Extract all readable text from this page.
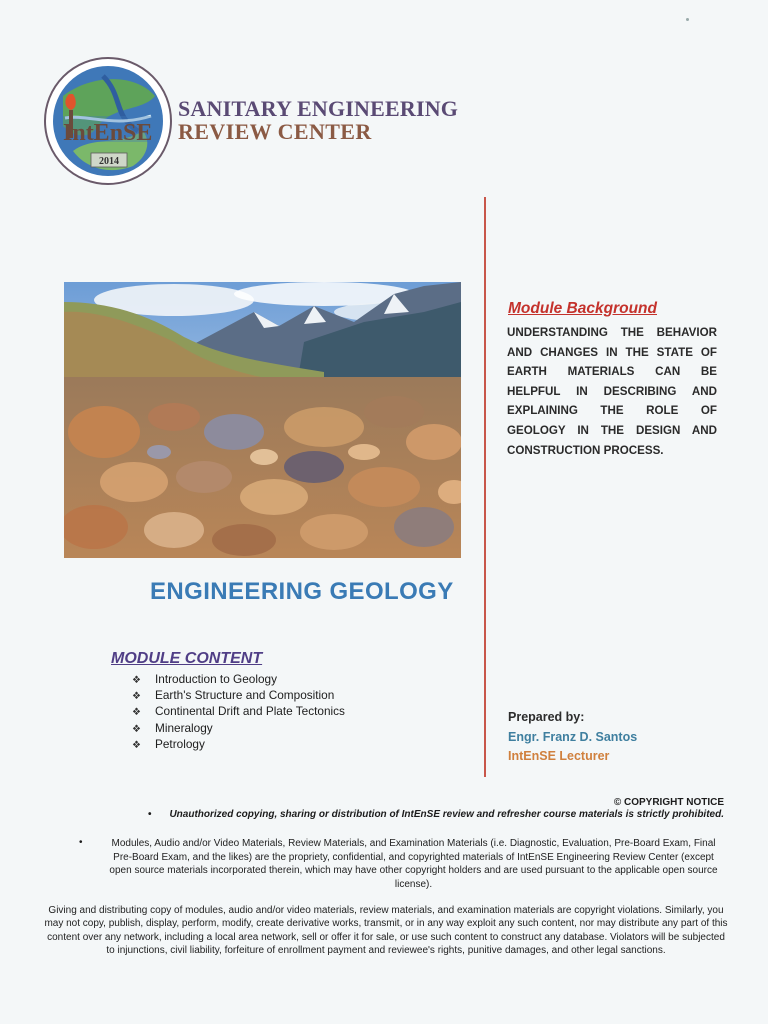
IntEnSE
2014
SANITARY ENGINEERING
REVIEW CENTER
Module Background
UNDERSTANDING THE BEHAVIOR AND CHANGES IN THE STATE OF EARTH MATERIALS CAN BE HELPFUL IN DESCRIBING AND EXPLAINING THE ROLE OF GEOLOGY IN THE DESIGN AND CONSTRUCTION PROCESS.
ENGINEERING GEOLOGY
MODULE CONTENT
❖ Introduction to Geology
❖ Earth's Structure and Composition
❖ Continental Drift and Plate Tectonics
❖ Mineralogy
❖ Petrology
Prepared by:
Engr. Franz D. Santos
IntEnSE Lecturer
© COPYRIGHT NOTICE
• Unauthorized copying, sharing or distribution of IntEnSE review and refresher course materials is strictly prohibited.
•	Modules, Audio and/or Video Materials, Review Materials, and Examination Materials (i.e. Diagnostic, Evaluation, Pre-Board Exam, Final Pre-Board Exam, and the likes) are the propriety, confidential, and copyrighted materials of IntEnSE Engineering Review Center (except open source materials incorporated therein, which may have other copyright holders and are used pursuant to the applicable open source license).
Giving and distributing copy of modules, audio and/or video materials, review materials, and examination materials are copyright violations. Similarly, you may not copy, publish, display, perform, modify, create derivative works, transmit, or in any way exploit any such content, nor may distribute any part of this content over any network, including a local area network, sell or offer it for sale, or use such content to construct any database. Violators will be subjected to injunctions, civil liability, forfeiture of enrollment payment and reviewee's rights, punitive damages, and other legal sanctions.
